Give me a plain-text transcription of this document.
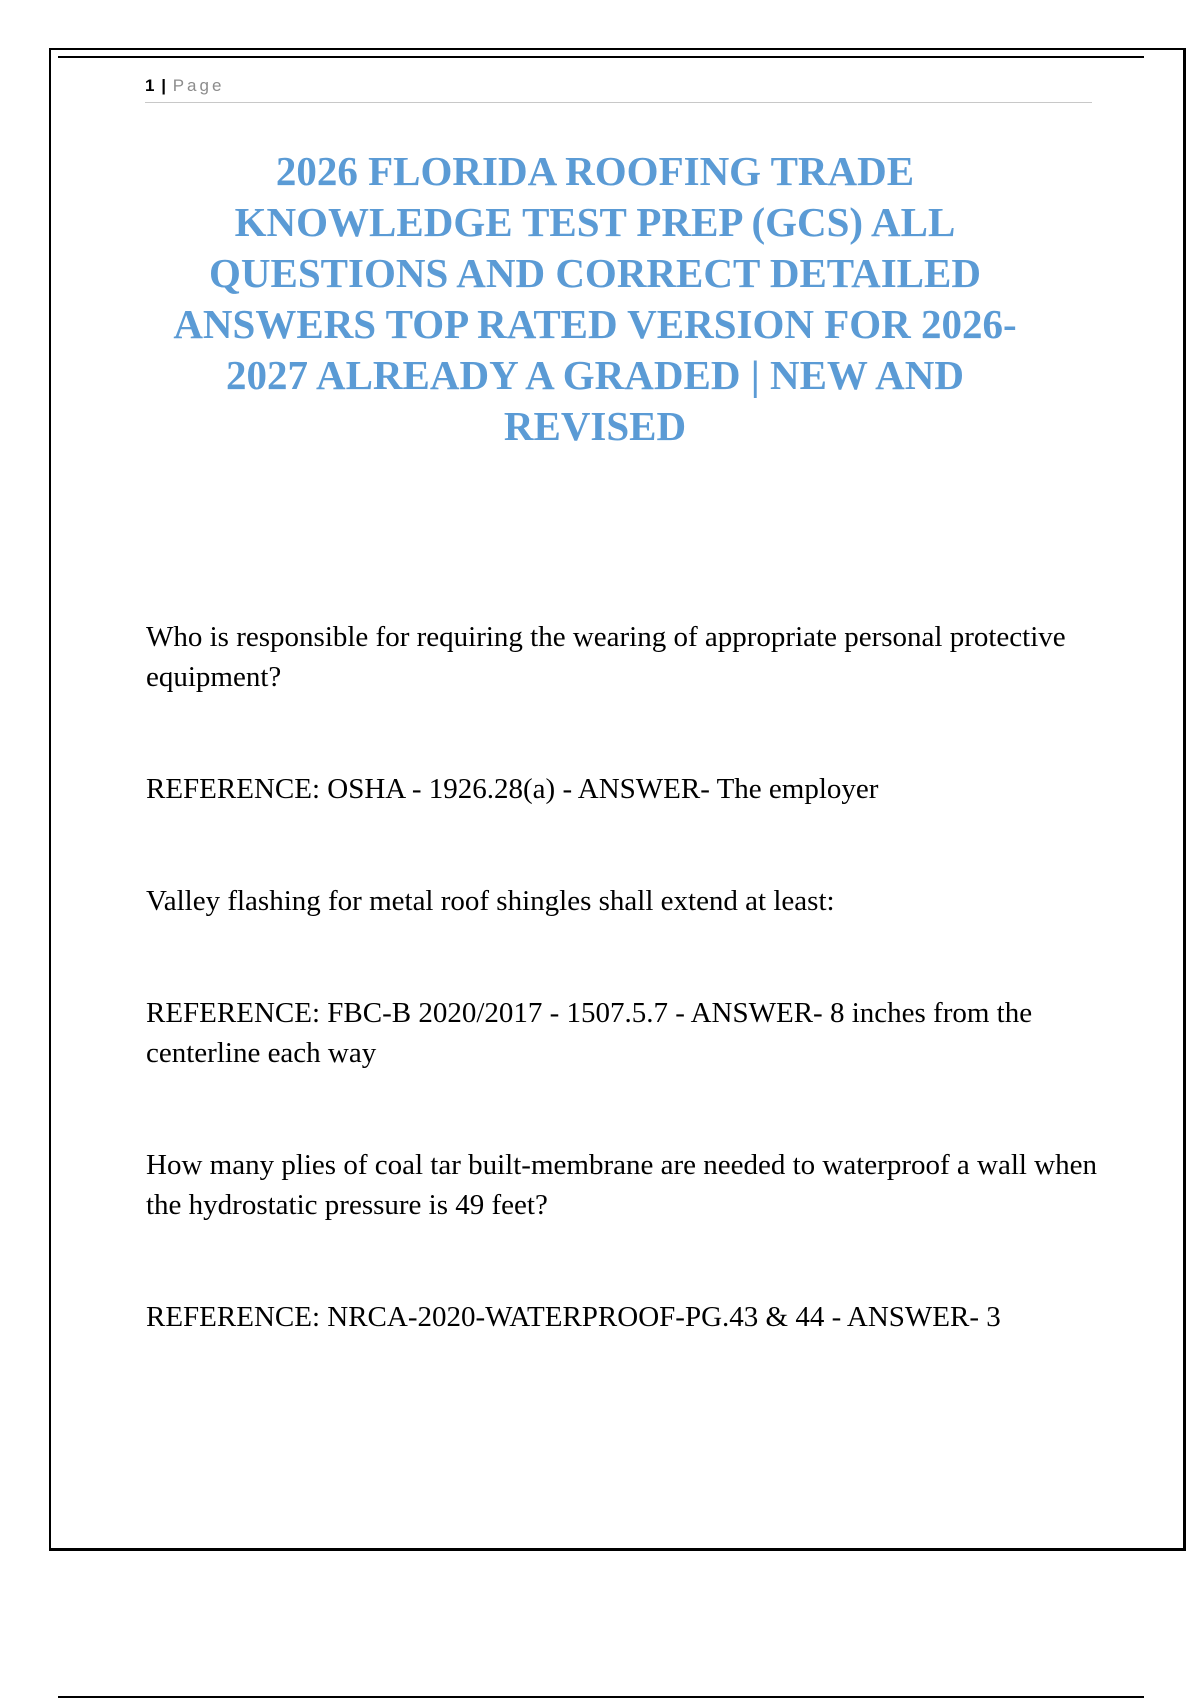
1 | Page
2026 FLORIDA ROOFING TRADE KNOWLEDGE TEST PREP (GCS) ALL QUESTIONS AND CORRECT DETAILED ANSWERS TOP RATED VERSION FOR 2026-2027 ALREADY A GRADED | NEW AND REVISED

Who is responsible for requiring the wearing of appropriate personal protective equipment?

REFERENCE: OSHA - 1926.28(a) - ANSWER- The employer

Valley flashing for metal roof shingles shall extend at least:

REFERENCE: FBC-B 2020/2017 - 1507.5.7 - ANSWER- 8 inches from the centerline each way

How many plies of coal tar built-membrane are needed to waterproof a wall when the hydrostatic pressure is 49 feet?

REFERENCE: NRCA-2020-WATERPROOF-PG.43 & 44 - ANSWER- 3
